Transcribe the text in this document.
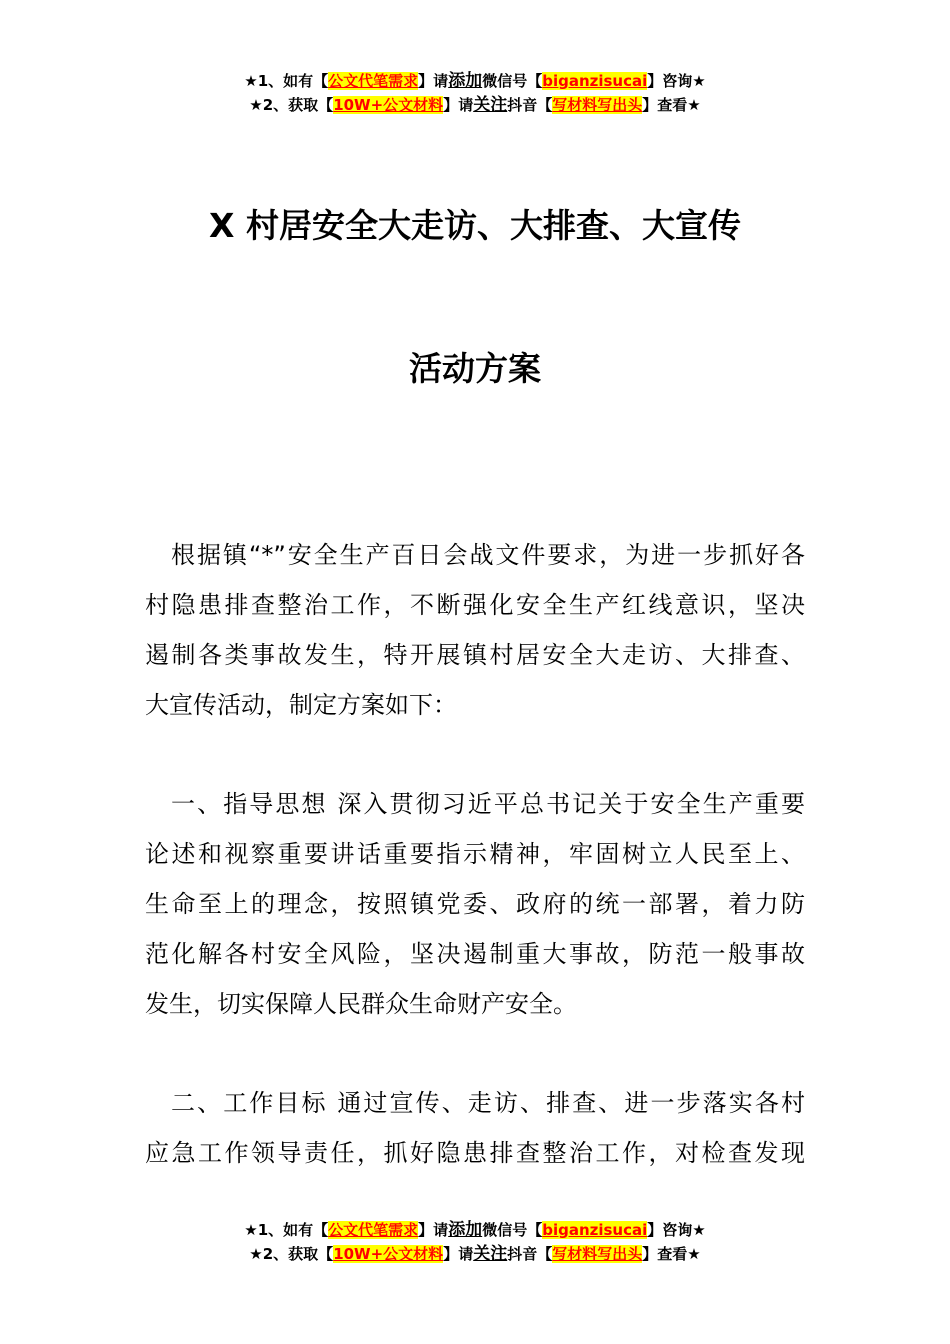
★1、如有【公文代笔需求】请添加微信号【biganzisucai】咨询★
★2、获取【10W+公文材料】请关注抖音【写材料写出头】查看★
X 村居安全大走访、大排查、大宣传
活动方案
根据镇“*”安全生产百日会战文件要求，为进一步抓好各
村隐患排查整治工作，不断强化安全生产红线意识，坚决
遏制各类事故发生，特开展镇村居安全大走访、大排查、
大宣传活动，制定方案如下：
一、指导思想 深入贯彻习近平总书记关于安全生产重要
论述和视察重要讲话重要指示精神，牢固树立人民至上、
生命至上的理念，按照镇党委、政府的统一部署，着力防
范化解各村安全风险，坚决遏制重大事故，防范一般事故
发生，切实保障人民群众生命财产安全。
二、工作目标 通过宣传、走访、排查、进一步落实各村
应急工作领导责任，抓好隐患排查整治工作，对检查发现
★1、如有【公文代笔需求】请添加微信号【biganzisucai】咨询★
★2、获取【10W+公文材料】请关注抖音【写材料写出头】查看★
